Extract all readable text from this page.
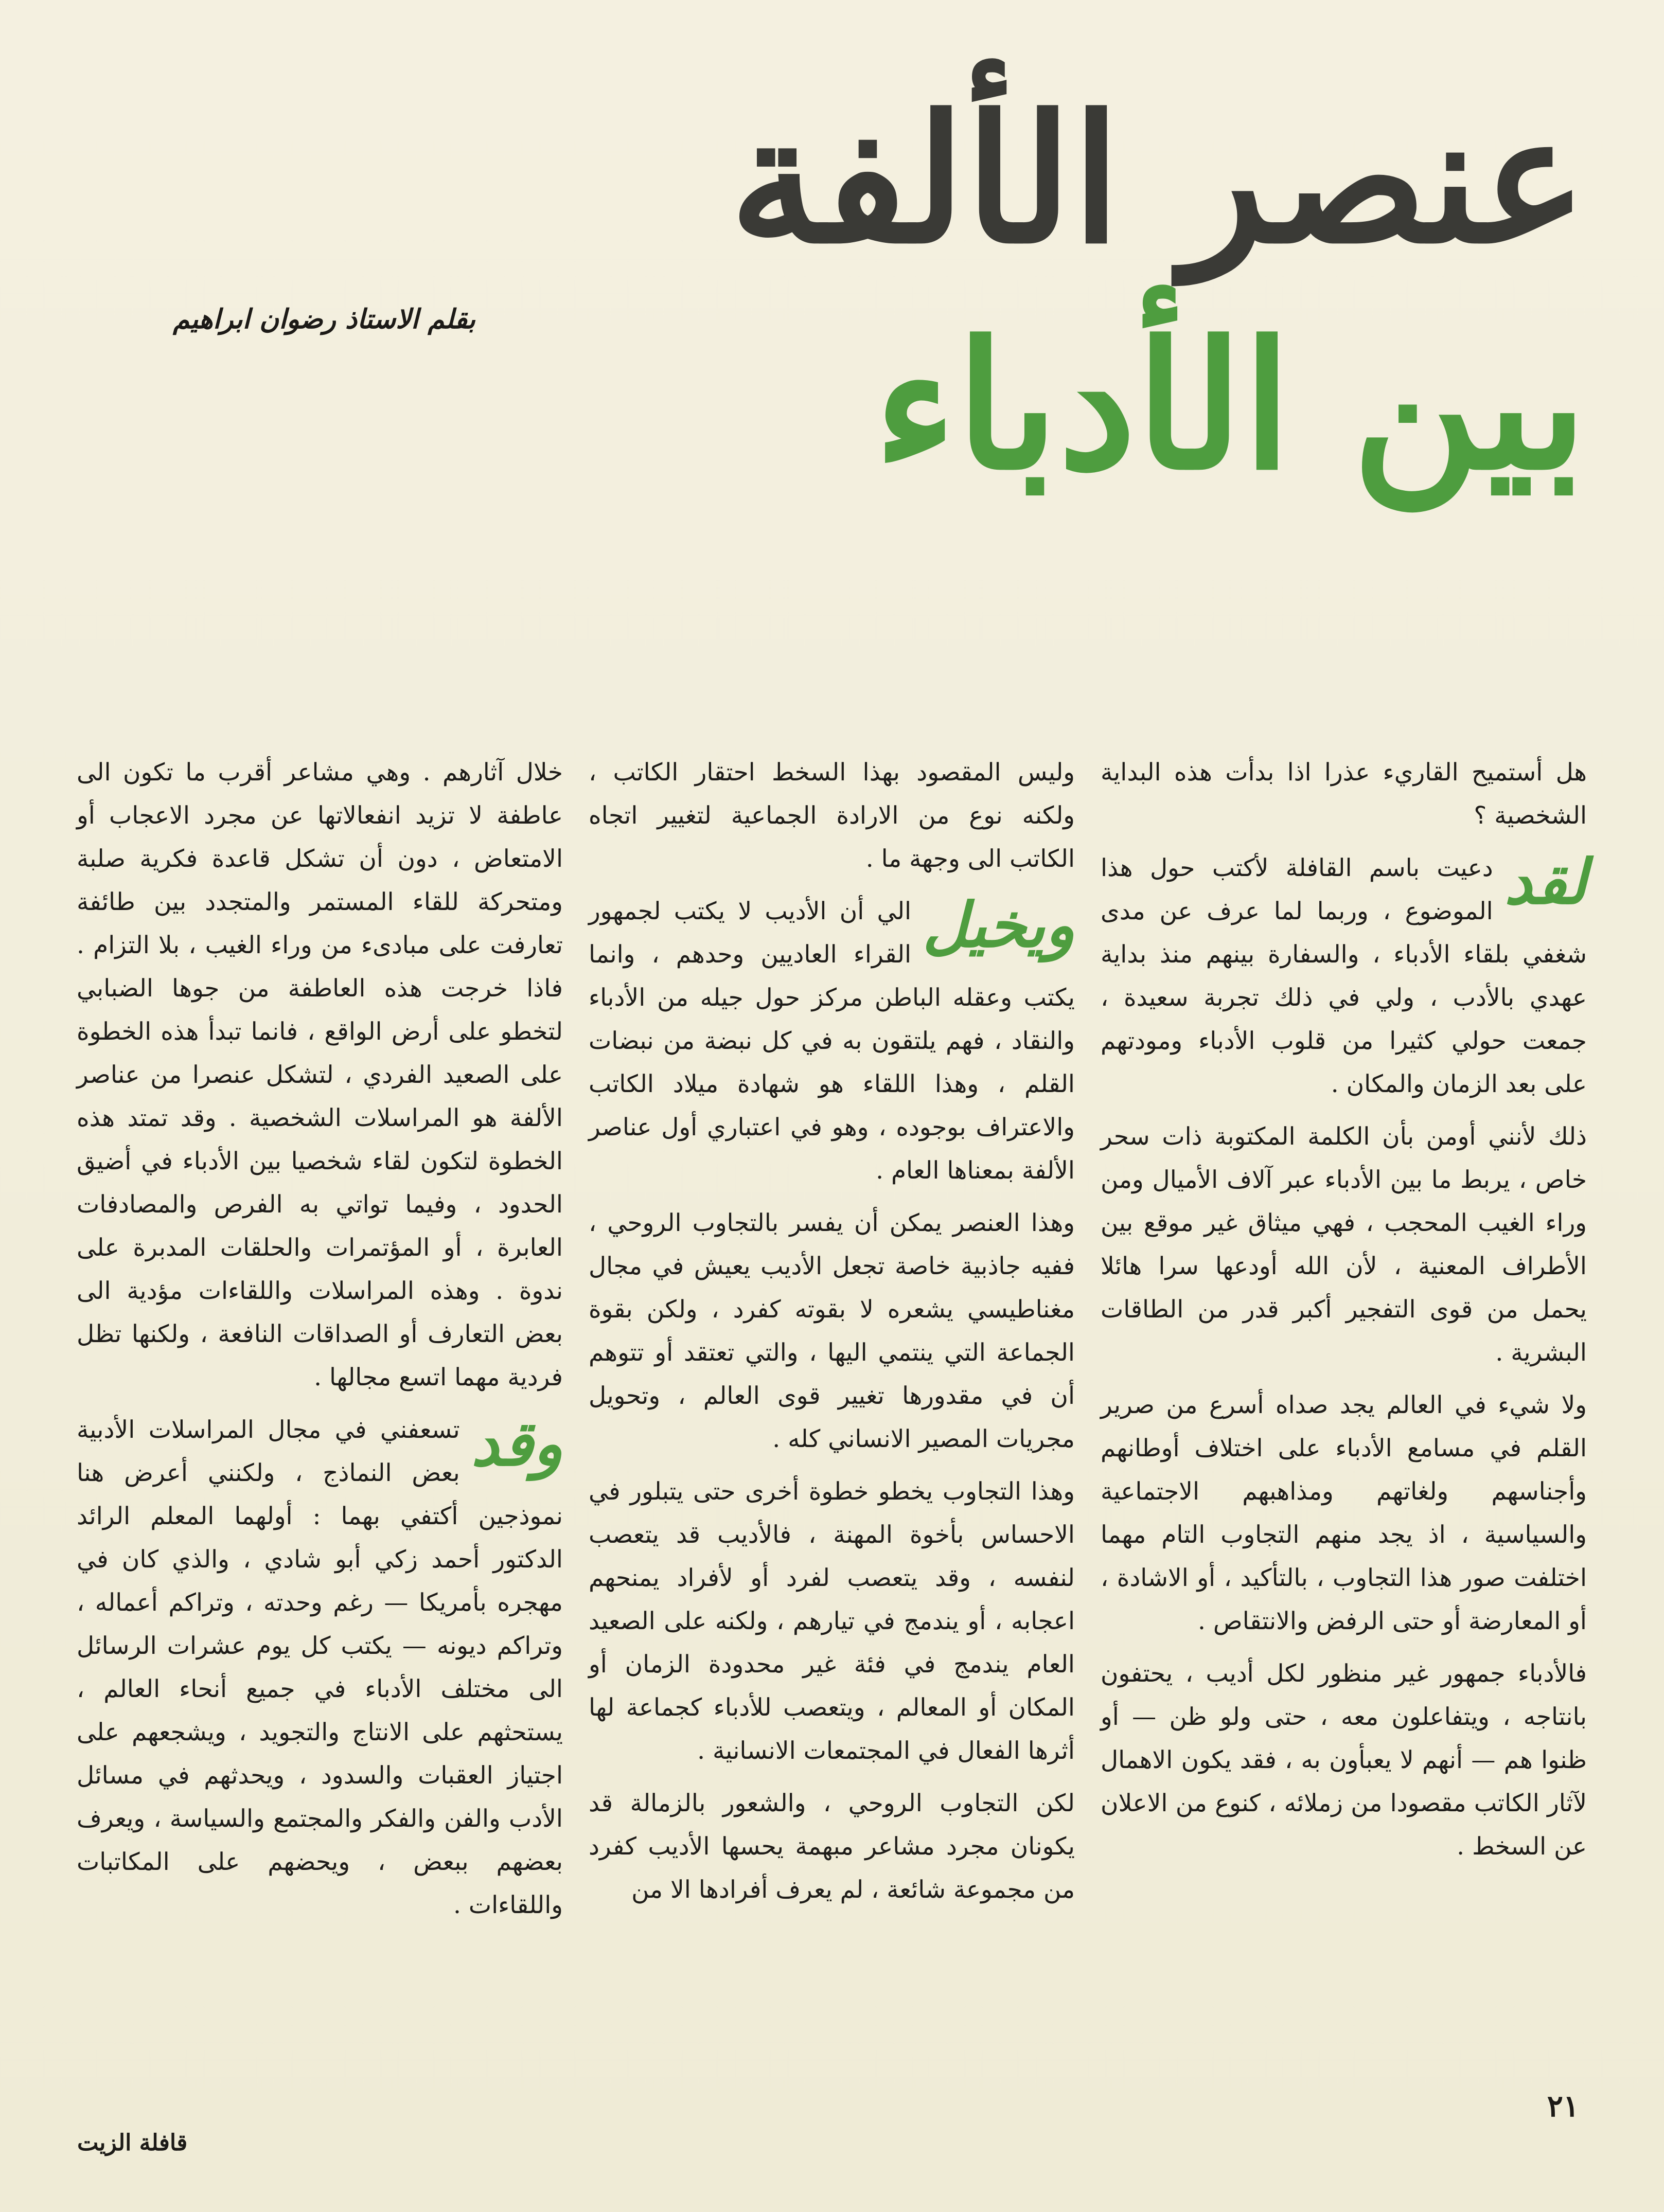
عنصر الألفة
بين الأدباء
بقلم الاستاذ رضوان ابراهيم

هل أستميح القاريء عذرا اذا بدأت هذه البداية الشخصية ؟

لقد
دعيت باسم القافلة لأكتب حول هذا الموضوع ، وربما لما عرف عن مدى شغفي بلقاء الأدباء ، والسفارة بينهم منذ بداية عهدي بالأدب ، ولي في ذلك تجربة سعيدة ، جمعت حولي كثيرا من قلوب الأدباء ومودتهم على بعد الزمان والمكان .

ذلك لأنني أومن بأن الكلمة المكتوبة ذات سحر خاص ، يربط ما بين الأدباء عبر آلاف الأميال ومن وراء الغيب المحجب ، فهي ميثاق غير موقع بين الأطراف المعنية ، لأن الله أودعها سرا هائلا يحمل من قوى التفجير أكبر قدر من الطاقات البشرية .

ولا شيء في العالم يجد صداه أسرع من صرير القلم في مسامع الأدباء على اختلاف أوطانهم وأجناسهم ولغاتهم ومذاهبهم الاجتماعية والسياسية ، اذ يجد منهم التجاوب التام مهما اختلفت صور هذا التجاوب ، بالتأكيد ، أو الاشادة ، أو المعارضة أو حتى الرفض والانتقاص .

فالأدباء جمهور غير منظور لكل أديب ، يحتفون بانتاجه ، ويتفاعلون معه ، حتى ولو ظن — أو ظنوا هم — أنهم لا يعبأون به ، فقد يكون الاهمال لآثار الكاتب مقصودا من زملائه ، كنوع من الاعلان عن السخط .

وليس المقصود بهذا السخط احتقار الكاتب ، ولكنه نوع من الارادة الجماعية لتغيير اتجاه الكاتب الى وجهة ما .

ويخيل
الي أن الأديب لا يكتب لجمهور القراء العاديين وحدهم ، وانما يكتب وعقله الباطن مركز حول جيله من الأدباء والنقاد ، فهم يلتقون به في كل نبضة من نبضات القلم ، وهذا اللقاء هو شهادة ميلاد الكاتب والاعتراف بوجوده ، وهو في اعتباري أول عناصر الألفة بمعناها العام .

وهذا العنصر يمكن أن يفسر بالتجاوب الروحي ، ففيه جاذبية خاصة تجعل الأديب يعيش في مجال مغناطيسي يشعره لا بقوته كفرد ، ولكن بقوة الجماعة التي ينتمي اليها ، والتي تعتقد أو تتوهم أن في مقدورها تغيير قوى العالم ، وتحويل مجريات المصير الانساني كله .

وهذا التجاوب يخطو خطوة أخرى حتى يتبلور في الاحساس بأخوة المهنة ، فالأديب قد يتعصب لنفسه ، وقد يتعصب لفرد أو لأفراد يمنحهم اعجابه ، أو يندمج في تيارهم ، ولكنه على الصعيد العام يندمج في فئة غير محدودة الزمان أو المكان أو المعالم ، ويتعصب للأدباء كجماعة لها أثرها الفعال في المجتمعات الانسانية .

لكن التجاوب الروحي ، والشعور بالزمالة قد يكونان مجرد مشاعر مبهمة يحسها الأديب كفرد من مجموعة شائعة ، لم يعرف أفرادها الا من

خلال آثارهم . وهي مشاعر أقرب ما تكون الى عاطفة لا تزيد انفعالاتها عن مجرد الاعجاب أو الامتعاض ، دون أن تشكل قاعدة فكرية صلبة ومتحركة للقاء المستمر والمتجدد بين طائفة تعارفت على مبادىء من وراء الغيب ، بلا التزام . فاذا خرجت هذه العاطفة من جوها الضبابي لتخطو على أرض الواقع ، فانما تبدأ هذه الخطوة على الصعيد الفردي ، لتشكل عنصرا من عناصر الألفة هو المراسلات الشخصية . وقد تمتد هذه الخطوة لتكون لقاء شخصيا بين الأدباء في أضيق الحدود ، وفيما تواتي به الفرص والمصادفات العابرة ، أو المؤتمرات والحلقات المدبرة على ندوة . وهذه المراسلات واللقاءات مؤدية الى بعض التعارف أو الصداقات النافعة ، ولكنها تظل فردية مهما اتسع مجالها .

وقد
تسعفني في مجال المراسلات الأدبية بعض النماذج ، ولكنني أعرض هنا نموذجين أكتفي بهما : أولهما المعلم الرائد الدكتور أحمد زكي أبو شادي ، والذي كان في مهجره بأمريكا — رغم وحدته ، وتراكم أعماله ، وتراكم ديونه — يكتب كل يوم عشرات الرسائل الى مختلف الأدباء في جميع أنحاء العالم ، يستحثهم على الانتاج والتجويد ، ويشجعهم على اجتياز العقبات والسدود ، ويحدثهم في مسائل الأدب والفن والفكر والمجتمع والسياسة ، ويعرف بعضهم ببعض ، ويحضهم على المكاتبات واللقاءات .

٢١
قافلة الزيت
